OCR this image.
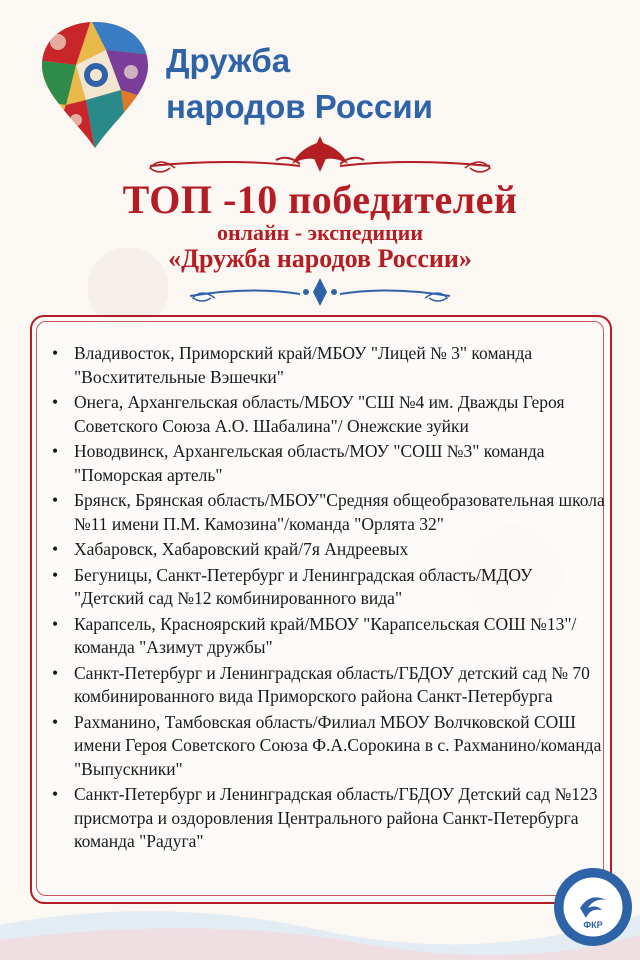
Дружба
народов России
ТОП -10 победителей
онлайн - экспедиции
«Дружба народов России»
• Владивосток, Приморский край/МБОУ "Лицей № 3" команда "Восхитительные Вэшечки"
• Онега, Архангельская область/МБОУ "СШ №4 им. Дважды Героя Советского Союза А.О. Шабалина"/ Онежские зуйки
• Новодвинск, Архангельская область/МОУ "СОШ №3" команда "Поморская артель"
• Брянск, Брянская область/МБОУ"Средняя общеобразовательная школа №11 имени П.М. Камозина"/команда "Орлята 32"
• Хабаровск, Хабаровский край/7я Андреевых
• Бегуницы, Санкт-Петербург и Ленинградская область/МДОУ "Детский сад №12 комбинированного вида"
• Карапсель, Красноярский край/МБОУ "Карапсельская СОШ №13"/команда "Азимут дружбы"
• Санкт-Петербург и Ленинградская область/ГБДОУ детский сад № 70 комбинированного вида Приморского района Санкт-Петербурга
• Рахманино, Тамбовская область/Филиал МБОУ Волчковской СОШ имени Героя Советского Союза Ф.А.Сорокина в с. Рахманино/команда "Выпускники"
• Санкт-Петербург и Ленинградская область/ГБДОУ Детский сад №123 присмотра и оздоровления Центрального района Санкт-Петербурга команда "Радуга"
ФКР
